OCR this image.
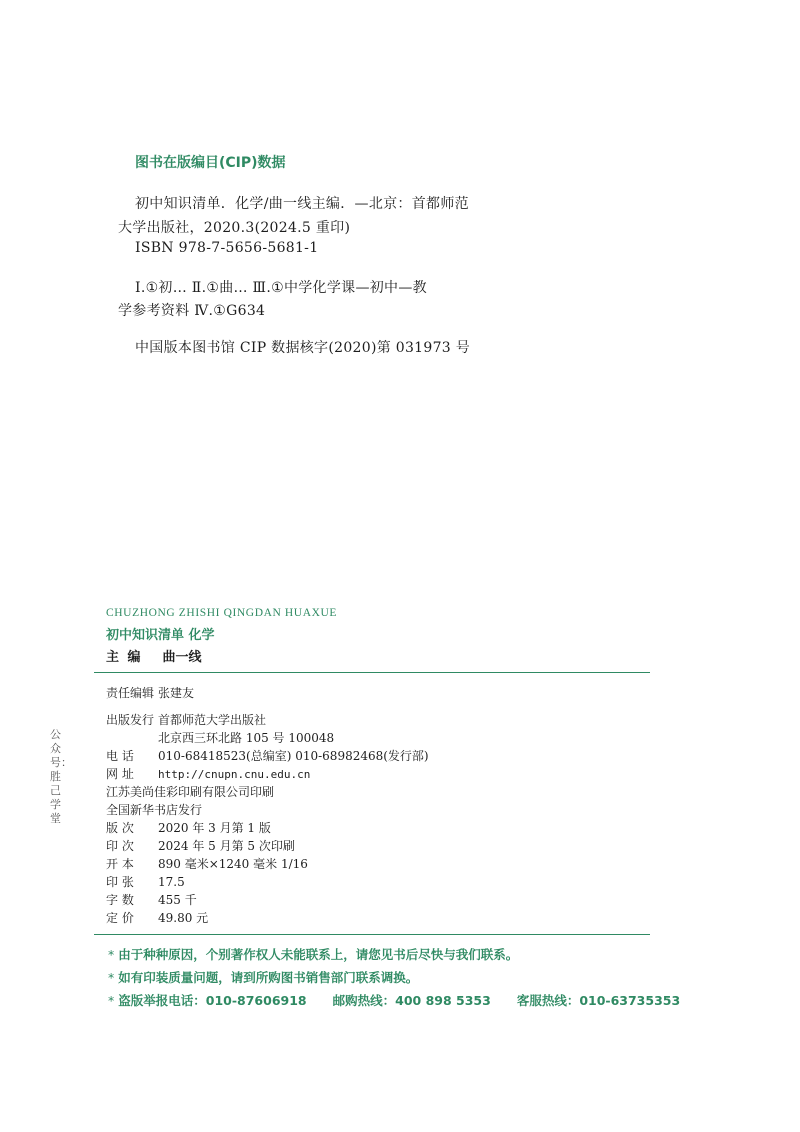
图书在版编目(CIP)数据
初中知识清单．化学/曲一线主编．—北京：首都师范
大学出版社，2020.3(2024.5 重印)
ISBN 978-7-5656-5681-1
Ⅰ.①初… Ⅱ.①曲… Ⅲ.①中学化学课—初中—教
学参考资料 Ⅳ.①G634
中国版本图书馆 CIP 数据核字(2020)第 031973 号
CHUZHONG ZHISHI QINGDAN HUAXUE
初中知识清单 化学
主 编 曲一线
公众号：胜己学堂
责任编辑 张建友
出版发行 首都师范大学出版社
北京西三环北路 105 号 100048
电 话 010-68418523(总编室) 010-68982468(发行部)
网 址 http://cnupn.cnu.edu.cn
江苏美尚佳彩印刷有限公司印刷
全国新华书店发行
版 次 2020 年 3 月第 1 版
印 次 2024 年 5 月第 5 次印刷
开 本 890 毫米×1240 毫米 1/16
印 张 17.5
字 数 455 千
定 价 49.80 元
* 由于种种原因，个别著作权人未能联系上，请您见书后尽快与我们联系。
* 如有印装质量问题，请到所购图书销售部门联系调换。
* 盗版举报电话：010-87606918 邮购热线：400 898 5353 客服热线：010-63735353
